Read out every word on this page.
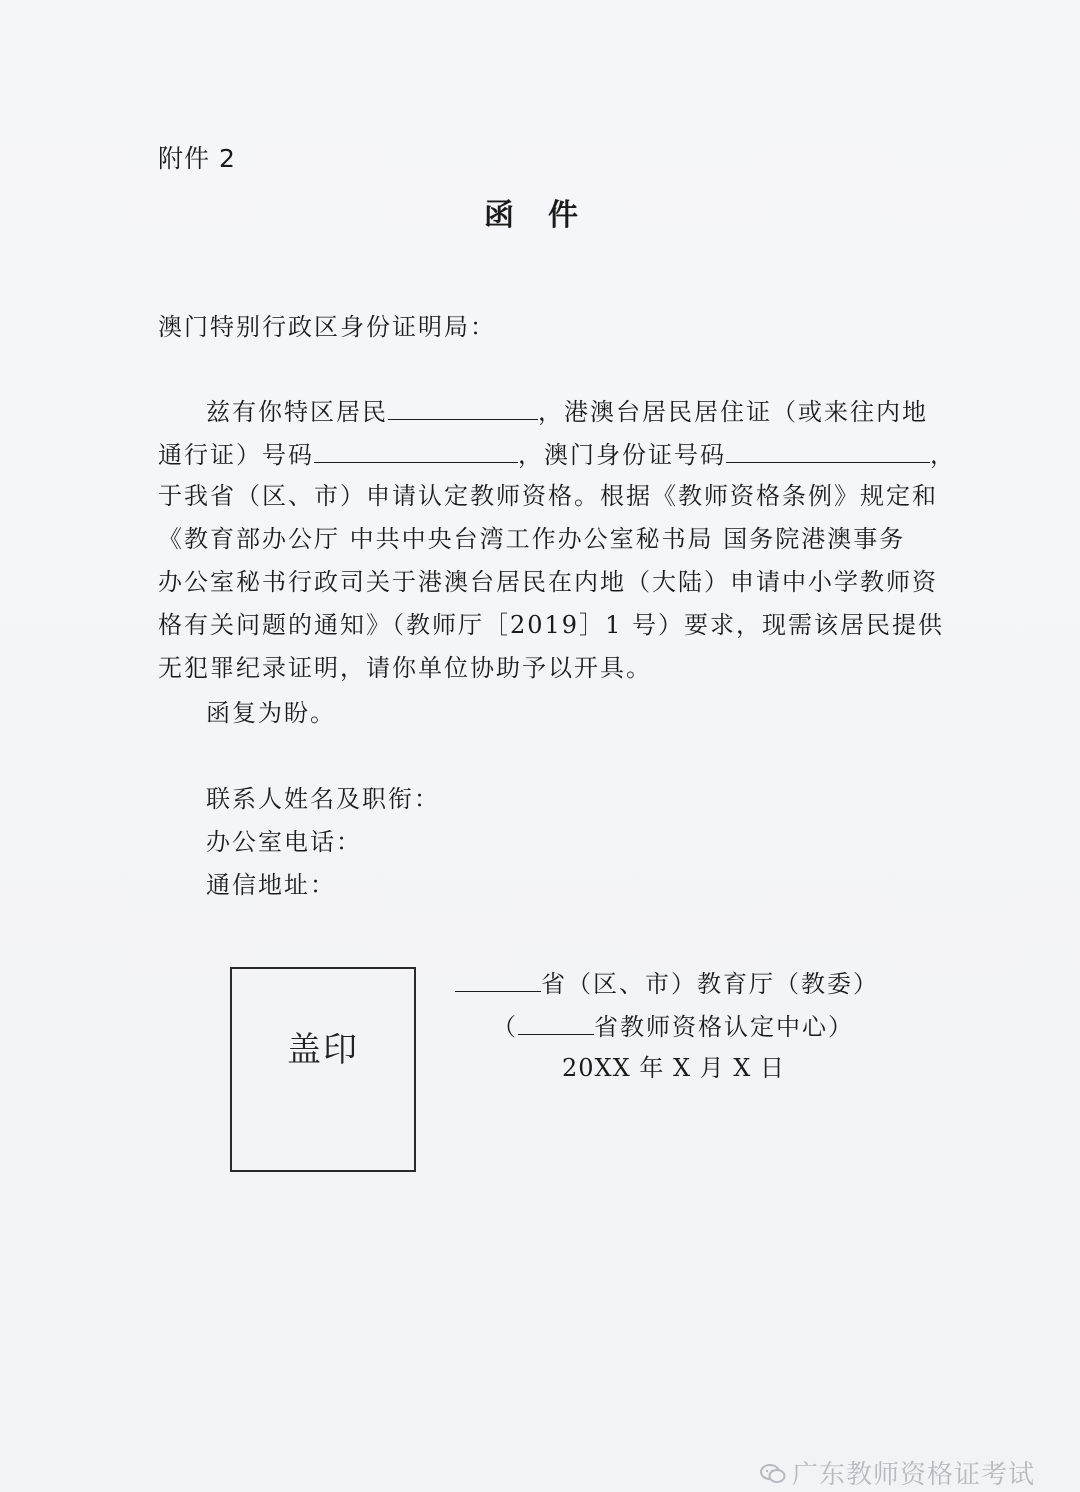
附件 2
函件
澳门特别行政区身份证明局：
兹有你特区居民	，港澳台居民居住证（或来往内地
通行证）号码	，澳门身份证号码	，
于我省（区、市）申请认定教师资格。根据《教师资格条例》规定和
《教育部办公厅 中共中央台湾工作办公室秘书局 国务院港澳事务
办公室秘书行政司关于港澳台居民在内地（大陆）申请中小学教师资
格有关问题的通知》（教师厅［2019］1 号）要求，现需该居民提供
无犯罪纪录证明，请你单位协助予以开具。
函复为盼。
联系人姓名及职衔：
办公室电话：
通信地址：
盖印
省（区、市）教育厅（教委）
（	省教师资格认定中心）
20XX 年 X 月 X 日
广东教师资格证考试
